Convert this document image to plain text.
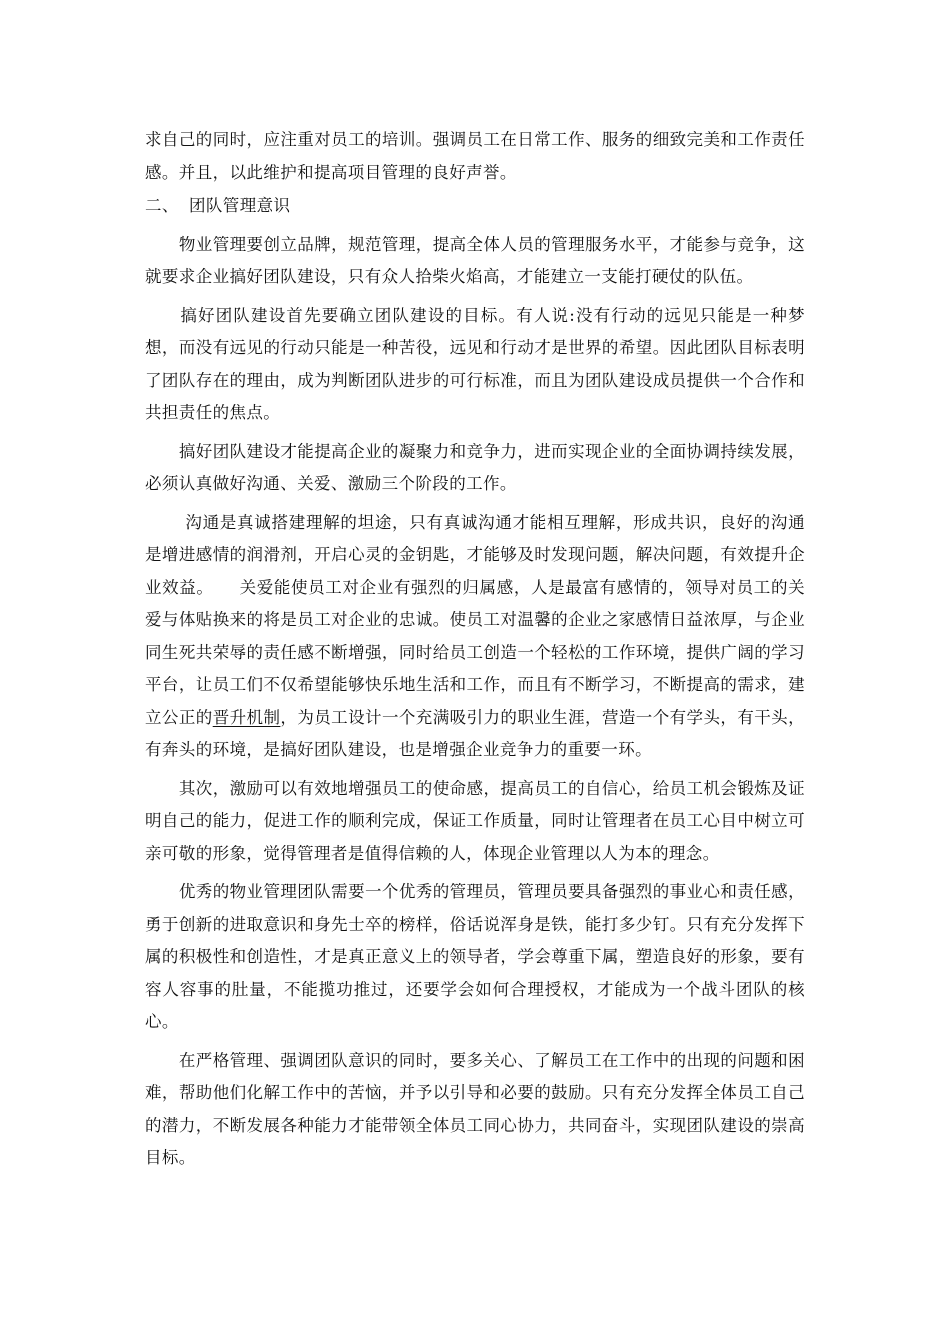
求自己的同时，应注重对员工的培训。强调员工在日常工作、服务的细致完美和工作责任感。并且，以此维护和提高项目管理的良好声誉。

二、 团队管理意识

　　物业管理要创立品牌，规范管理，提高全体人员的管理服务水平，才能参与竞争，这就要求企业搞好团队建设，只有众人拾柴火焰高，才能建立一支能打硬仗的队伍。

　　搞好团队建设首先要确立团队建设的目标。有人说:没有行动的远见只能是一种梦想，而没有远见的行动只能是一种苦役，远见和行动才是世界的希望。因此团队目标表明了团队存在的理由，成为判断团队进步的可行标准，而且为团队建设成员提供一个合作和共担责任的焦点。

　　搞好团队建设才能提高企业的凝聚力和竞争力，进而实现企业的全面协调持续发展，必须认真做好沟通、关爱、激励三个阶段的工作。

　　 沟通是真诚搭建理解的坦途，只有真诚沟通才能相互理解，形成共识，良好的沟通是增进感情的润滑剂，开启心灵的金钥匙，才能够及时发现问题，解决问题，有效提升企业效益。　　关爱能使员工对企业有强烈的归属感，人是最富有感情的，领导对员工的关爱与体贴换来的将是员工对企业的忠诚。使员工对温馨的企业之家感情日益浓厚，与企业同生死共荣辱的责任感不断增强，同时给员工创造一个轻松的工作环境，提供广阔的学习平台，让员工们不仅希望能够快乐地生活和工作，而且有不断学习，不断提高的需求，建立公正的晋升机制，为员工设计一个充满吸引力的职业生涯，营造一个有学头，有干头，有奔头的环境，是搞好团队建设，也是增强企业竞争力的重要一环。

　　其次，激励可以有效地增强员工的使命感，提高员工的自信心，给员工机会锻炼及证明自己的能力，促进工作的顺利完成，保证工作质量，同时让管理者在员工心目中树立可亲可敬的形象，觉得管理者是值得信赖的人，体现企业管理以人为本的理念。

　　优秀的物业管理团队需要一个优秀的管理员，管理员要具备强烈的事业心和责任感，勇于创新的进取意识和身先士卒的榜样，俗话说浑身是铁，能打多少钉。只有充分发挥下属的积极性和创造性，才是真正意义上的领导者，学会尊重下属，塑造良好的形象，要有容人容事的肚量，不能揽功推过，还要学会如何合理授权，才能成为一个战斗团队的核心。

　　在严格管理、强调团队意识的同时，要多关心、了解员工在工作中的出现的问题和困难，帮助他们化解工作中的苦恼，并予以引导和必要的鼓励。只有充分发挥全体员工自己的潜力，不断发展各种能力才能带领全体员工同心协力，共同奋斗，实现团队建设的崇高目标。
